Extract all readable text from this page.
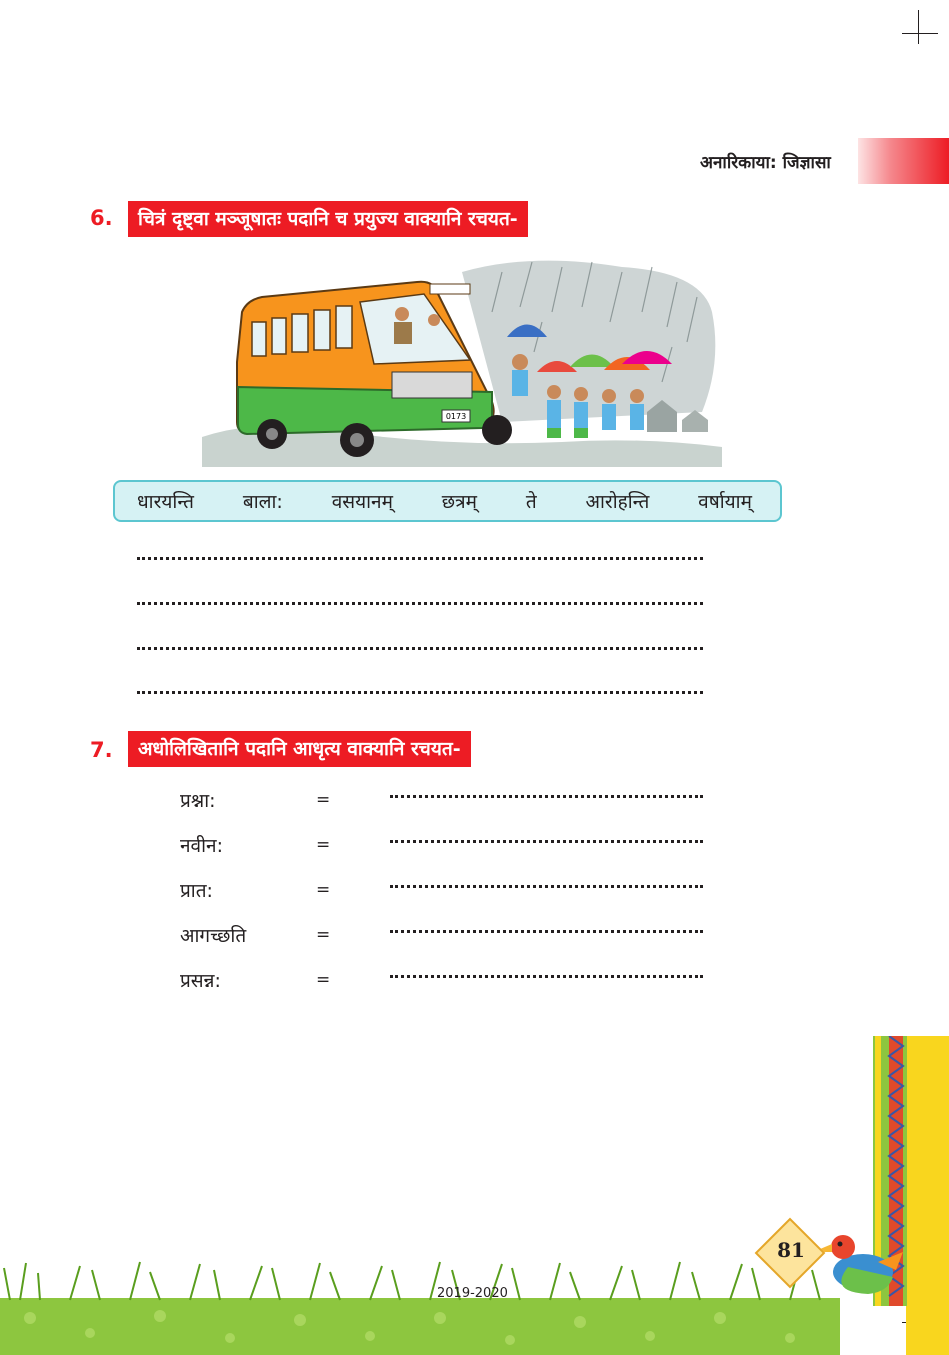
अनारिकाया: जिज्ञासा
6.	चित्रं दृष्ट्वा मञ्जूषातः पदानि च प्रयुज्य वाक्यानि रचयत-
0173
धारयन्ति	बाला:	वसयानम्	छत्रम्	ते	आरोहन्ति	वर्षायाम्
7.	अधोलिखितानि पदानि आधृत्य वाक्यानि रचयत-
प्रश्ना:	=
नवीन:	=
प्रात:	=
आगच्छति	=
प्रसन्न:	=
81
2019-2020
